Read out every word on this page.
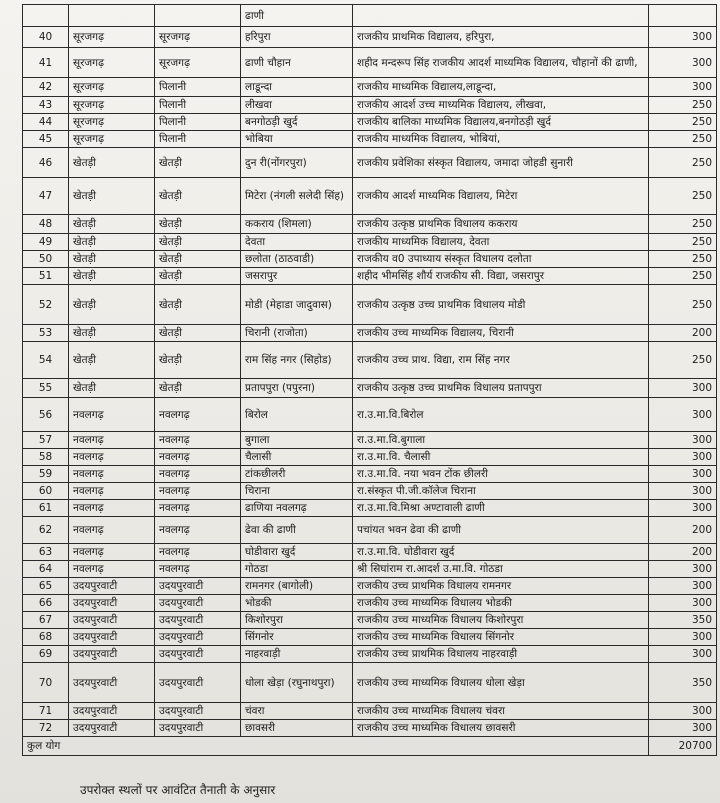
			ढाणी		
40	सूरजगढ़	सूरजगढ़	हरिपुरा	राजकीय प्राथमिक विद्यालय, हरिपुरा,	300
41	सूरजगढ़	सूरजगढ़	ढाणी चौहान	शहीद मन्दरूप सिंह राजकीय आदर्श माध्यमिक विद्यालय, चौहानों की ढाणी,	300
42	सूरजगढ़	पिलानी	लाडून्दा	राजकीय माध्यमिक विद्यालय,लाडून्दा,	300
43	सूरजगढ़	पिलानी	लीखवा	राजकीय आदर्श उच्च माध्यमिक विद्यालय, लीखवा,	250
44	सूरजगढ़	पिलानी	बनगोठड़ी खुर्द	राजकीय बालिका माध्यमिक विद्यालय,बनगोठड़ी खुर्द	250
45	सूरजगढ़	पिलानी	भोबिया	राजकीय माध्यमिक विद्यालय, भोबियां,	250
46	खेतड़ी	खेतड़ी	दुन री(नोंगरपुरा)	राजकीय प्रवेशिका संस्कृत विद्यालय, जमादा जोहडी सुनारी	250
47	खेतड़ी	खेतड़ी	मिटेरा (नंगली सलेदी सिंह)	राजकीय आदर्श माध्यमिक विद्यालय, मिटेरा	250
48	खेतड़ी	खेतड़ी	ककराय (शिमला)	राजकीय उत्कृष्ठ प्राथमिक विधालय ककराय	250
49	खेतड़ी	खेतड़ी	देवता	राजकीय माध्यमिक विद्यालय, देवता	250
50	खेतड़ी	खेतड़ी	छलोता (ठाठवाडी)	राजकीय व0 उपाध्याय संस्कृत विधालय दलोता	250
51	खेतड़ी	खेतड़ी	जसरापुर	शहीद भीमसिंह शौर्य राजकीय सी. विद्या, जसरापुर	250
52	खेतड़ी	खेतड़ी	मोडी (मेहाडा जादुवास)	राजकीय उत्कृष्ठ उच्च प्राथमिक विधालय मोडी	250
53	खेतड़ी	खेतड़ी	चिरानी (राजोता)	राजकीय उच्च माध्यमिक विद्यालय, चिरानी	200
54	खेतड़ी	खेतड़ी	राम सिंह नगर (सिहोड)	राजकीय उच्च प्राथ. विद्या, राम सिंह नगर	250
55	खेतड़ी	खेतड़ी	प्रतापपुरा (पपुरना)	राजकीय उत्कृष्ठ उच्च प्राथमिक विधालय प्रतापपुरा	300
56	नवलगढ़	नवलगढ़	बिरोल	रा.उ.मा.वि.बिरोल	300
57	नवलगढ़	नवलगढ़	बुगाला	रा.उ.मा.वि.बुगाला	300
58	नवलगढ़	नवलगढ़	चैलासी	रा.उ.मा.वि. चैलासी	300
59	नवलगढ़	नवलगढ़	टांकछीलरी	रा.उ.मा.वि. नया भवन टोंक छीलरी	300
60	नवलगढ़	नवलगढ़	चिराना	रा.संस्कृत पी.जी.कॉलेज चिराना	300
61	नवलगढ़	नवलगढ़	ढाणिया नवलगढ़	रा.उ.मा.वि.मिश्रा अण्टावाली ढाणी	300
62	नवलगढ़	नवलगढ़	ढेवा की ढाणी	पचांयत भवन ढेवा की ढाणी	200
63	नवलगढ़	नवलगढ़	घोडीवारा खुर्द	रा.उ.मा.वि. घोडीवारा खुर्द	200
64	नवलगढ़	नवलगढ़	गोठडा	श्री सिघांराम रा.आदर्श उ.मा.वि. गोठडा	300
65	उदयपुरवाटी	उदयपुरवाटी	रामनगर (बागोली)	राजकीय उच्च प्राथमिक विधालय रामनगर	300
66	उदयपुरवाटी	उदयपुरवाटी	भोडकी	राजकीय उच्च माध्यमिक विधालय भोडकी	300
67	उदयपुरवाटी	उदयपुरवाटी	किशोरपुरा	राजकीय उच्च माध्यमिक विधालय किशोरपुरा	350
68	उदयपुरवाटी	उदयपुरवाटी	सिंगनोर	राजकीय उच्च माध्यमिक विधालय सिंगनोर	300
69	उदयपुरवाटी	उदयपुरवाटी	नाहरवाड़ी	राजकीय उच्च प्राथमिक विधालय नाहरवाड़ी	300
70	उदयपुरवाटी	उदयपुरवाटी	धोला खेड़ा (रघुनाथपुरा)	राजकीय उच्च माध्यमिक विधालय धोला खेड़ा	350
71	उदयपुरवाटी	उदयपुरवाटी	चंवरा	राजकीय उच्च माध्यमिक विधालय चंवरा	300
72	उदयपुरवाटी	उदयपुरवाटी	छावसरी	राजकीय उच्च माध्यमिक विधालय छावसरी	300
कुल योग					20700
उपरोक्त स्थलों पर आवंटित तैनाती के अनुसार
